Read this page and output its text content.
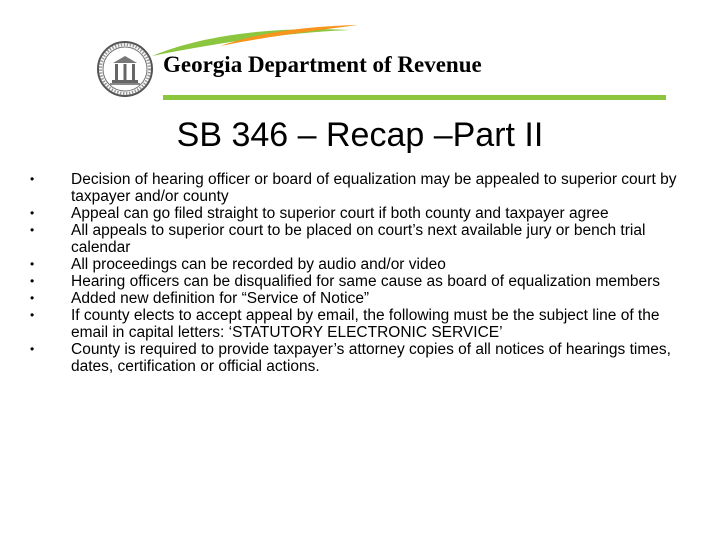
Georgia Department of Revenue
SB 346 – Recap –Part II
• Decision of hearing officer or board of equalization may be appealed to superior court by taxpayer and/or county
• Appeal can go filed straight to superior court if both county and taxpayer agree
• All appeals to superior court to be placed on court’s next available jury or bench trial calendar
• All proceedings can be recorded by audio and/or video
• Hearing officers can be disqualified for same cause as board of equalization members
• Added new definition for “Service of Notice”
• If county elects to accept appeal by email, the following must be the subject line of the email in capital letters: ‘STATUTORY ELECTRONIC SERVICE’
• County is required to provide taxpayer’s attorney copies of all notices of hearings times, dates, certification or official actions.
